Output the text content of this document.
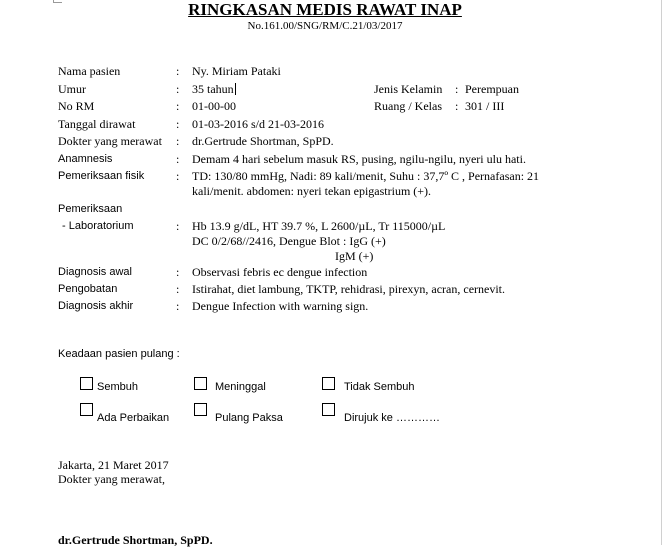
RINGKASAN MEDIS RAWAT INAP
No.161.00/SNG/RM/C.21/03/2017
Nama pasien	: Ny. Miriam Pataki
Umur	: 35 tahun	Jenis Kelamin : Perempuan
No RM	: 01-00-00	Ruang / Kelas : 301 / III
Tanggal dirawat	: 01-03-2016 s/d 21-03-2016
Dokter yang merawat : dr.Gertrude Shortman, SpPD.
Anamnesis	: Demam 4 hari sebelum masuk RS, pusing, ngilu-ngilu, nyeri ulu hati.
Pemeriksaan fisik	: TD: 130/80 mmHg, Nadi: 89 kali/menit, Suhu : 37,7º C , Pernafasan: 21
kali/menit. abdomen: nyeri tekan epigastrium (+).
Pemeriksaan
- Laboratorium	: Hb 13.9 g/dL, HT 39.7 %, L 2600/µL, Tr 115000/µL
DC 0/2/68//2416, Dengue Blot : IgG (+)
IgM (+)
Diagnosis awal	: Observasi febris ec dengue infection
Pengobatan	: Istirahat, diet lambung, TKTP, rehidrasi, pirexyn, acran, cernevit.
Diagnosis akhir	: Dengue Infection with warning sign.
Keadaan pasien pulang :
Sembuh	Meninggal	Tidak Sembuh
Ada Perbaikan	Pulang Paksa	Dirujuk ke …………
Jakarta, 21 Maret 2017
Dokter yang merawat,
dr.Gertrude Shortman, SpPD.
